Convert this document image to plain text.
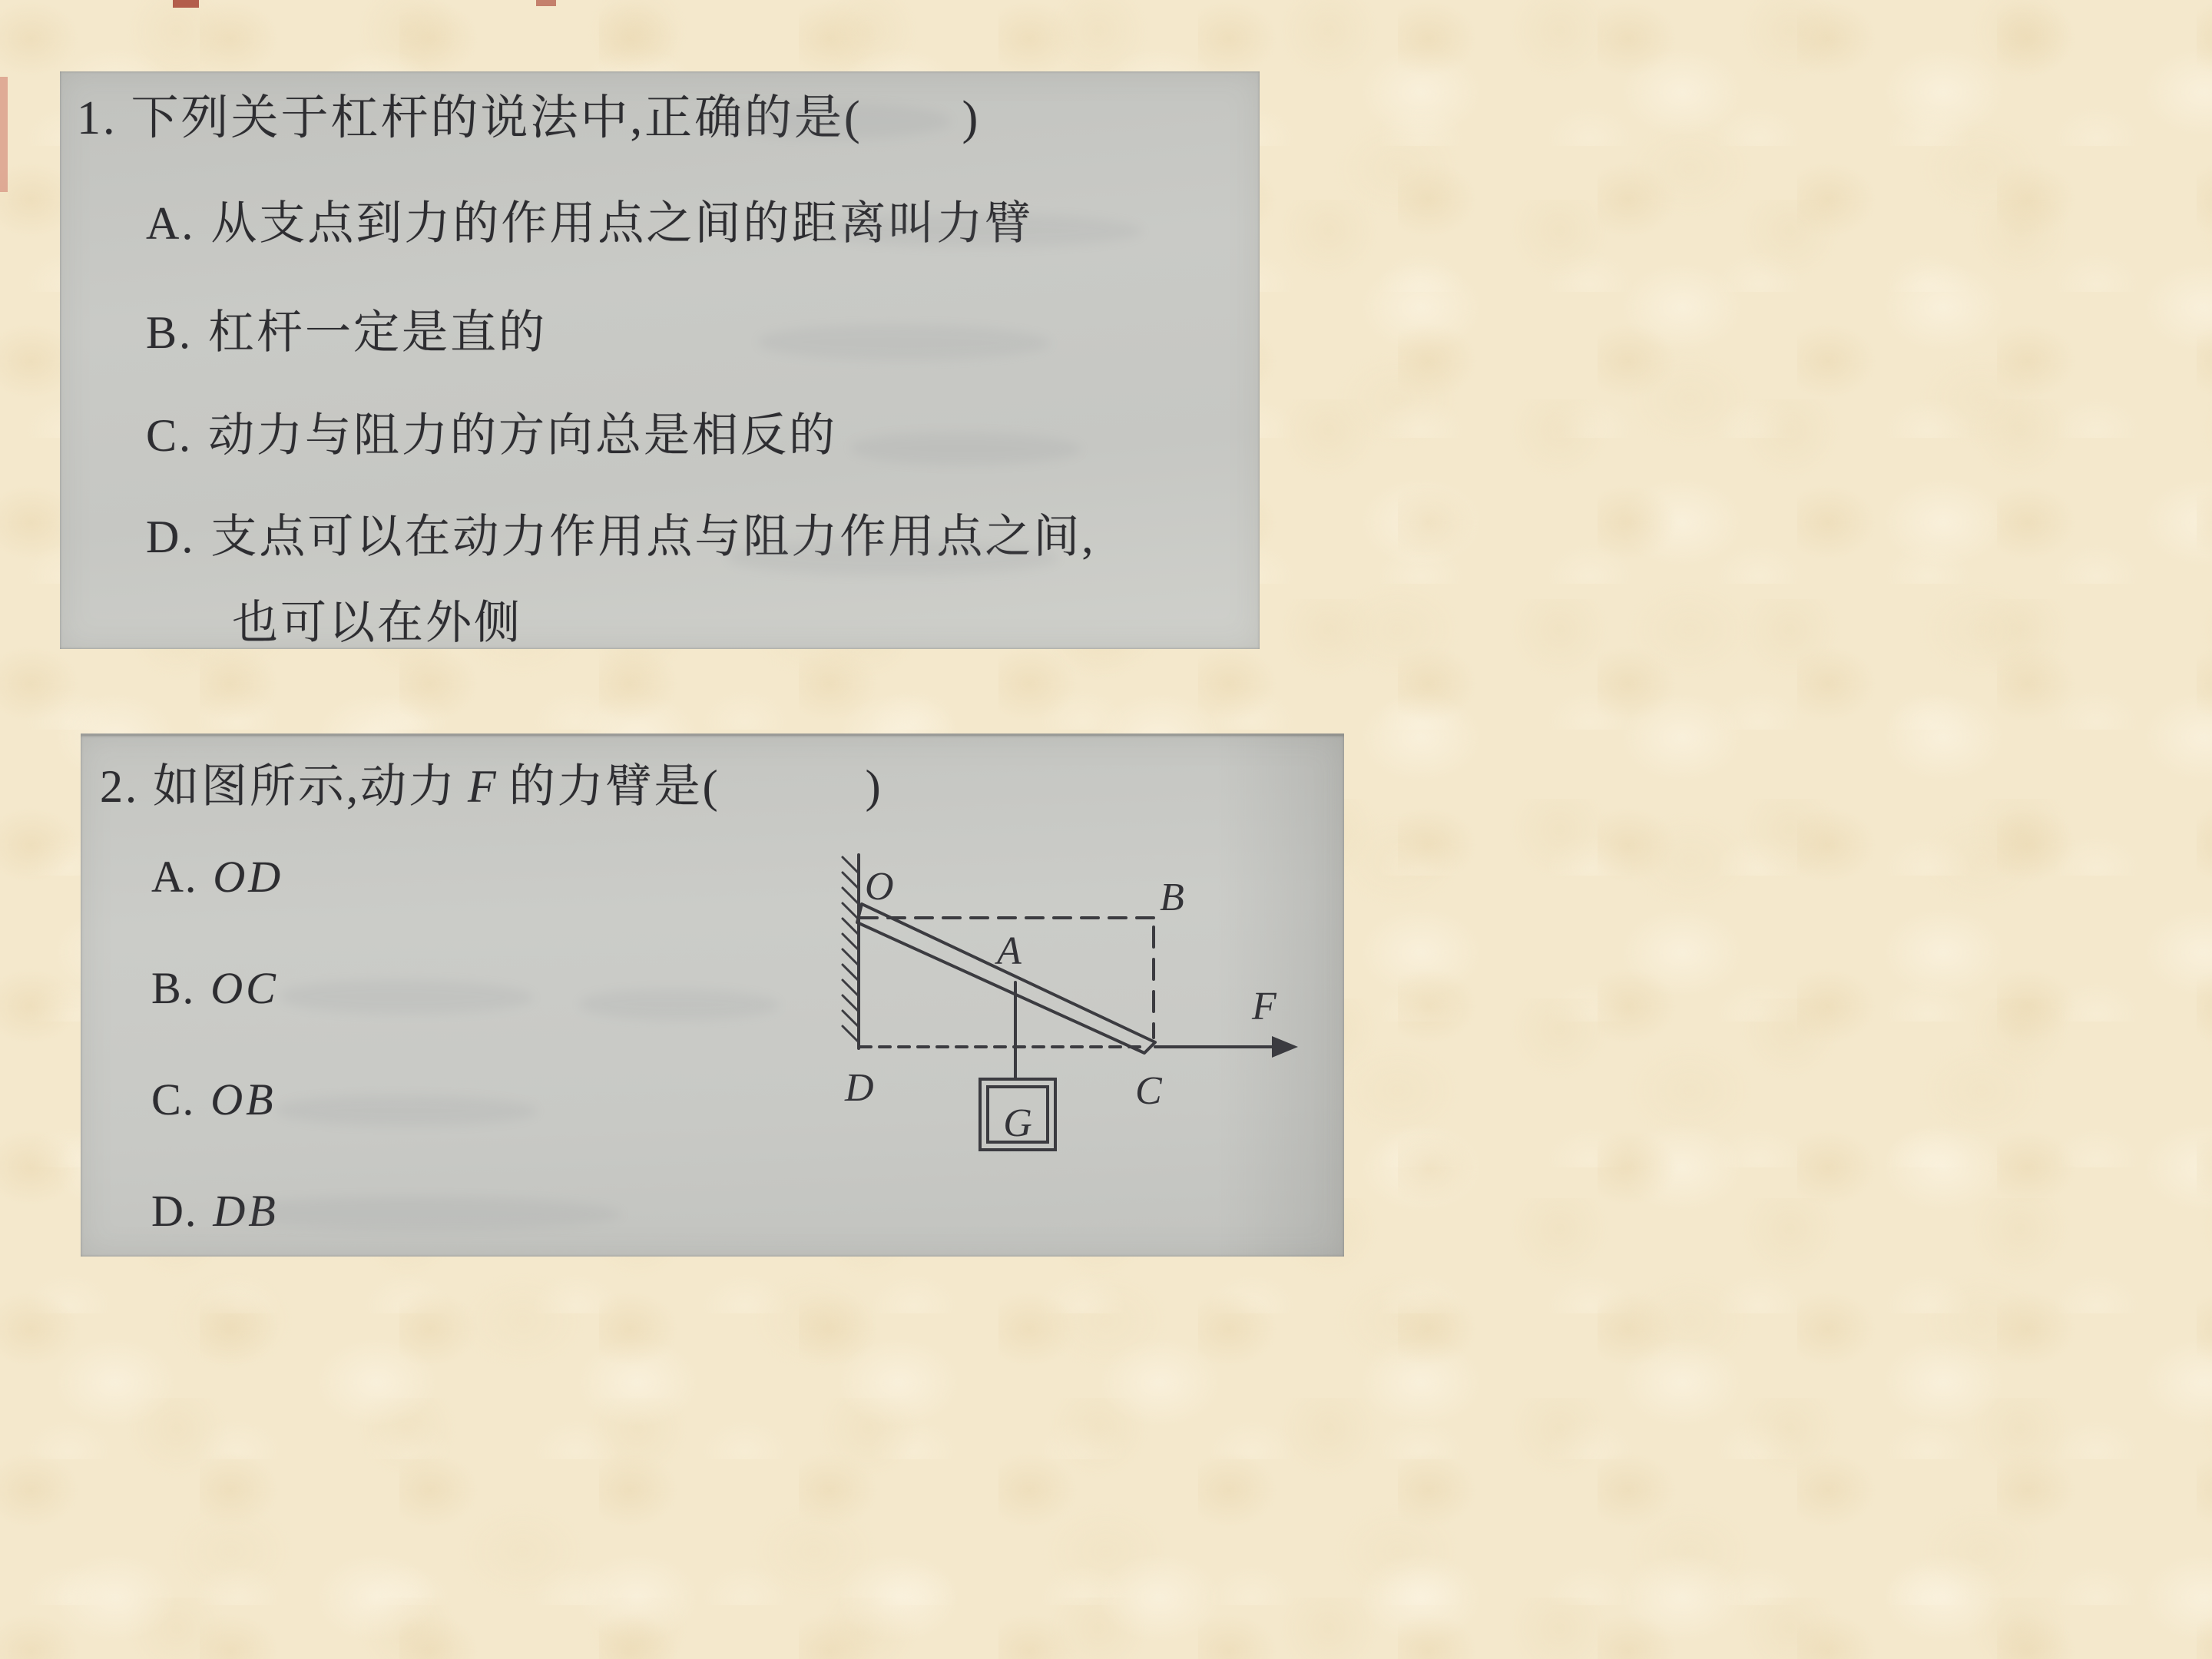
1. 下列关于杠杆的说法中,正确的是(　　)
A. 从支点到力的作用点之间的距离叫力臂
B. 杠杆一定是直的
C. 动力与阻力的方向总是相反的
D. 支点可以在动力作用点与阻力作用点之间,
也可以在外侧
2. 如图所示,动力 F 的力臂是(　　　)
A. OD
B. OC
C. OB
D. DB
O	B
A
D	C
F
G
